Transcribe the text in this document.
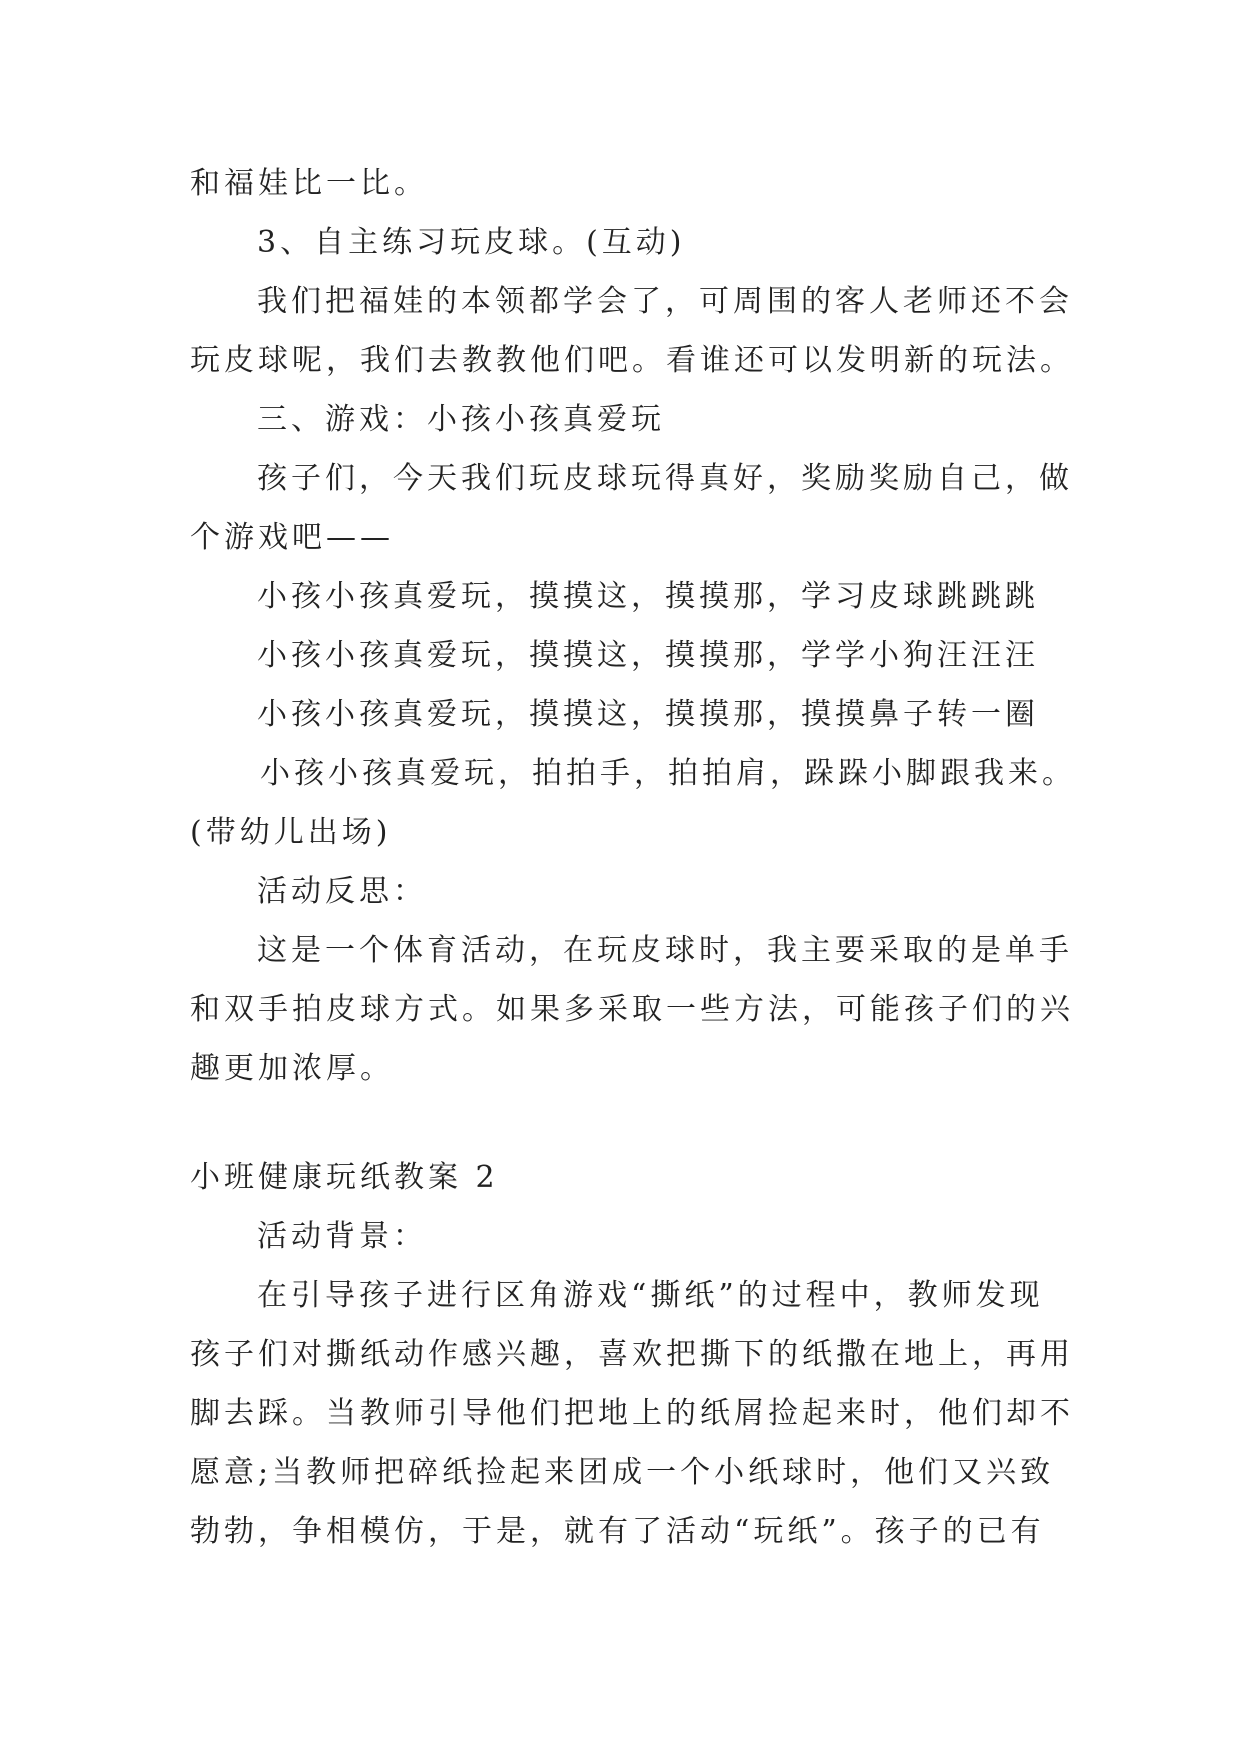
和福娃比一比。
3、自主练习玩皮球。(互动)
我们把福娃的本领都学会了，可周围的客人老师还不会
玩皮球呢，我们去教教他们吧。看谁还可以发明新的玩法。
三、游戏：小孩小孩真爱玩
孩子们，今天我们玩皮球玩得真好，奖励奖励自己，做
个游戏吧——
小孩小孩真爱玩，摸摸这，摸摸那，学习皮球跳跳跳
小孩小孩真爱玩，摸摸这，摸摸那，学学小狗汪汪汪
小孩小孩真爱玩，摸摸这，摸摸那，摸摸鼻子转一圈
小孩小孩真爱玩，拍拍手，拍拍肩，跺跺小脚跟我来。
(带幼儿出场)
活动反思：
这是一个体育活动，在玩皮球时，我主要采取的是单手
和双手拍皮球方式。如果多采取一些方法，可能孩子们的兴
趣更加浓厚。
小班健康玩纸教案 2
活动背景：
在引导孩子进行区角游戏“撕纸”的过程中，教师发现
孩子们对撕纸动作感兴趣，喜欢把撕下的纸撒在地上，再用
脚去踩。当教师引导他们把地上的纸屑捡起来时，他们却不
愿意;当教师把碎纸捡起来团成一个小纸球时，他们又兴致
勃勃，争相模仿，于是，就有了活动“玩纸”。孩子的已有
